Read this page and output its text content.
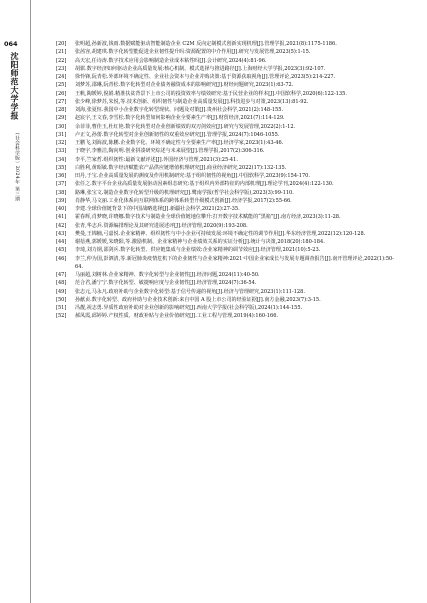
064
沈阳师范大学学报
（社会科学版）2024年 第三期
[20] 张明超,孙新波,钱雨.数据赋能驱动智能制造企业 C2M 反向定制模式创新实现机理[J].管理学报,2021(8):1175-1186.
[21] 张茜容,胡建琪.数字化转型能促进企业韧性提升吗:资源配置的中介作用[J].研究与发展管理,2023(5):1-15.
[22] 高天宏,任诗涛.数字技术应用会影响制造企业成本粘性吗[J].会计研究,2024(4):81-96.
[23] 胡骐.数字经济如何驱动企业高质量发展:核心机制、模式选择与推进路径[J].上海财经大学学报,2023(3):92-107.
[24] 徐怜锋,阮青松.外部环境不确定性、企业社会资本与企业并购决策:基于资源获取视角[J].管理评论,2023(5):214-227.
[25] 刘梦苏,邵琳,阮青松.数字化转型对企业债务融资成本的影响研究[J].财经问题研究,2023(1):63-72.
[26] 王帆,陶媛婷,倪娟.精准扶贫背景下上市公司的投资效率与绩效研究:基于民营企业的样本[J].中国软科学,2020(6):122-135.
[27] 张少峰,徐梦苏,朱悦,等.技术创新、组织韧性与制造企业高质量发展[J].科技进步与对策,2023(13):81-92.
[28] 刘海,张夏恒.我国中小企业数字化转型现状、问题及对策[J].贵州社会科学,2021(2):148-155.
[29] 赵宸宇,王文春,李雪松.数字化转型如何影响企业全要素生产率[J].财贸经济,2021(7):114-129.
[30] 余菲菲,曹佳玉,杜红艳.数字化转型对企业创新绩效的双刃剑效应[J].研究与发展管理,2022(2):1-12.
[31] 卢正文,孙蕾.数字化转型对企业创新韧性的双重效应研究[J].管理学报,2024(7):1046-1055.
[32] 王鹏飞,刘海波,陈鹏.企业数字化、环境不确定性与全要素生产率[J].经济学家,2023(1):43-46.
[33] 于晓宇,李雅洁,陶向明.创业拼凑研究综述与未来展望[J].管理学报,2017(2):306-316.
[34] 李平,竺家哲.组织韧性:最新文献评述[J].外国经济与管理,2021(3):25-41.
[35] 白胜利,黄昭敏.数字经济赋能农产品供应链增值机理研究[J].商业经济研究,2022(17):132-135.
[36] 田丹,于宝.企业高质量发展的测度及作用机制研究:基于组织韧性的视角[J].中国软科学,2023(9):154-170.
[37] 张任之.数字平台企业高质量发展驱动因素组态研究:基于组织内外部特征的内部机理[J].理论学刊,2024(4):122-130.
[38] 路琳,张宝文.制造企业数字化转型升级的机理研究[J].鹭南学报(哲学社会科学版),2023(3):99-110.
[39] 肖静华,马文丽.工业化体系向互联网体系的跨体系转型升级模式创新[J].经济学报,2017(2):55-66.
[40] 李建.全球价值链背景下的中国战略选择[J].新疆社会科学,2021(2):27-35.
[41] 霍春辉,肖梦晓,许晓娜.数字技术与制造业全球价值链地位攀升:打开数字技术赋能的“黑箱”[J].南方经济,2023(3):11-28.
[42] 张青,华志兵.资源编排理论及其研究进展述评[J].经济管理,2020(9):193-208.
[43] 樊曼,王锦楠,弓嘉悦.企业家精神、组织韧性与中小企业可持续发展:环境不确定性的调节作用[J].华东经济管理,2022(12):120-128.
[44] 谢蓓燕,郭媛媛,朱晓阳,等.激励机制、企业家精神与企业绩效关系的实证分析[J].统计与决策,2018(20):180-184.
[45] 李琦,刘力钢,邵剑兵.数字化转型、供应链集成与企业绩效:企业家精神的调节效应[J].经济管理,2021(10):5-23.
[46] 李兰,仲为国,彭泗清,等.新冠肺炎疫情危机下的企业韧性与企业家精神:2021·中国企业家成长与发展专题调查报告[J].南开管理评论,2022(1):50-64.
[47] 马丽超,刘树林.企业家精神、数字化转型与企业韧性[J].经济问题,2024(11):40-50.
[48] 范合君,潘宁宁.数字化转型、敏捷响应度与企业韧性[J].经济管理,2024(7):36-54.
[49] 张志元,马永凡.政府补助与企业数字化转型:基于信号传递的视角[J].经济与管理研究,2023(1):111-128.
[50] 孙献贞.数字化转型、政府补助与企业技术创新:来自中国 A 股上市公司的经验证据[J].南方金融,2023(7):3-15.
[51] 冯靓,祝志勇.异质性政府补助对企业创新的影响研究[J].西南大学学报(社会科学版),2024(1):144-155.
[52] 郝凤霞,邱婷婷.产权性质、财政补贴与企业价值研究[J].工业工程与管理,2019(4):160-166.
